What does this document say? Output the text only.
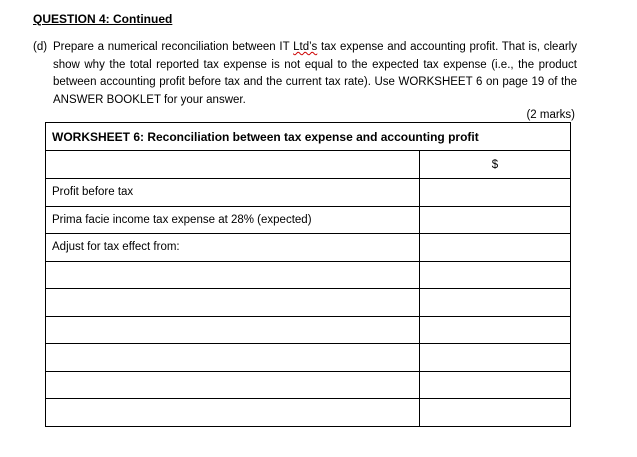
QUESTION 4: Continued
(d) Prepare a numerical reconciliation between IT Ltd’s tax expense and accounting profit. That is, clearly show why the total reported tax expense is not equal to the expected tax expense (i.e., the product between accounting profit before tax and the current tax rate). Use WORKSHEET 6 on page 19 of the ANSWER BOOKLET for your answer.
(2 marks)
WORKSHEET 6: Reconciliation between tax expense and accounting profit	
	$
Profit before tax	
Prima facie income tax expense at 28% (expected)	
Adjust for tax effect from:	
